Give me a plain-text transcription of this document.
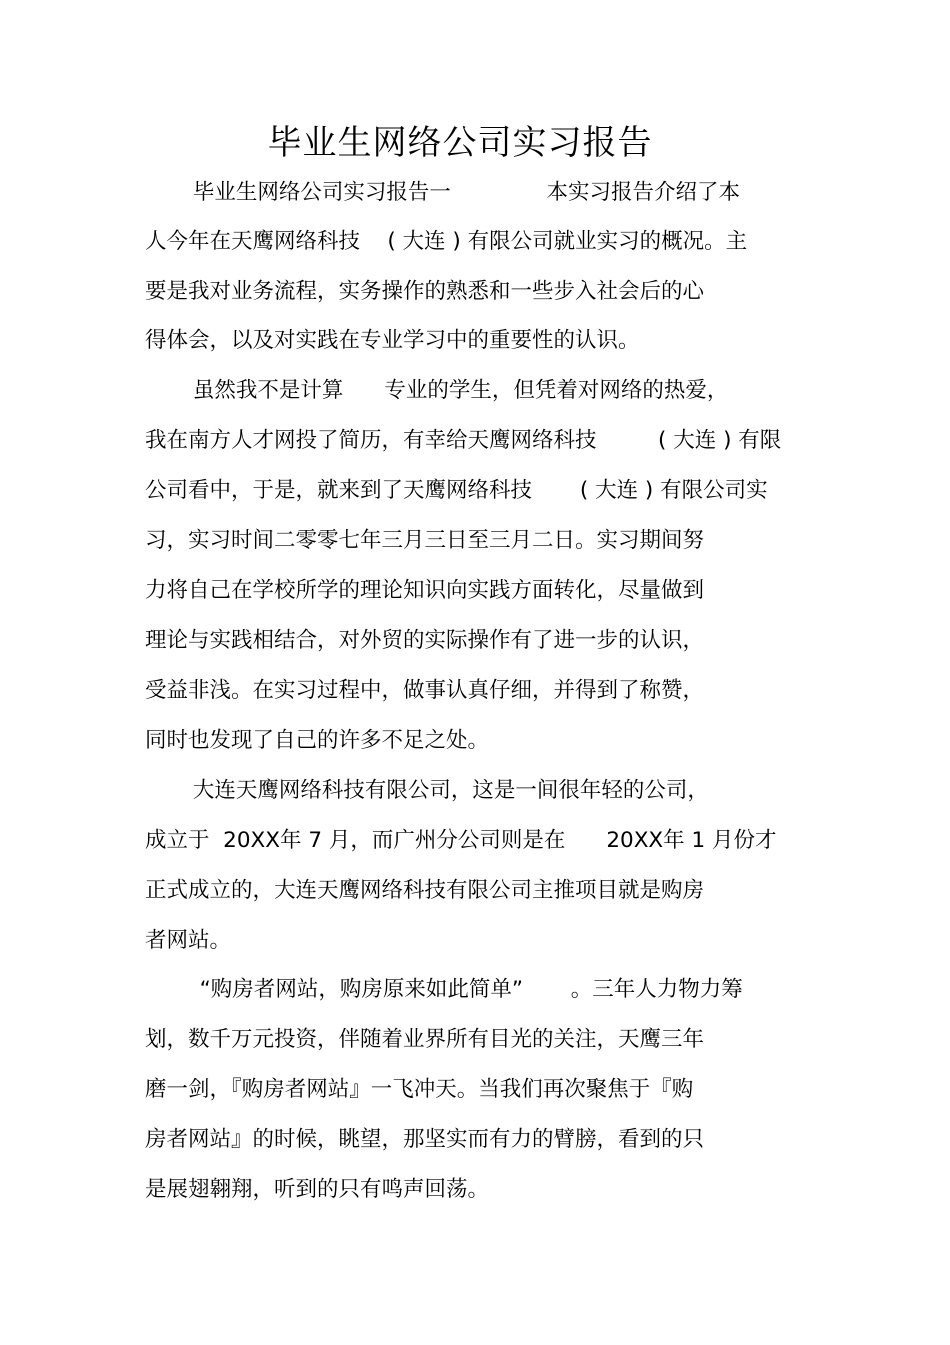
毕业生网络公司实习报告
毕业生网络公司实习报告一              本实习报告介绍了本
人今年在天鹰网络科技    ( 大连 ) 有限公司就业实习的概况。主
要是我对业务流程，实务操作的熟悉和一些步入社会后的心
得体会，以及对实践在专业学习中的重要性的认识。
虽然我不是计算      专业的学生，但凭着对网络的热爱，
我在南方人才网投了简历，有幸给天鹰网络科技         ( 大连 ) 有限
公司看中，于是，就来到了天鹰网络科技       ( 大连 ) 有限公司实
习，实习时间二零零七年三月三日至三月二日。实习期间努
力将自己在学校所学的理论知识向实践方面转化，尽量做到
理论与实践相结合，对外贸的实际操作有了进一步的认识，
受益非浅。在实习过程中，做事认真仔细，并得到了称赞，
同时也发现了自己的许多不足之处。
大连天鹰网络科技有限公司，这是一间很年轻的公司，
成立于  20XX年 7 月，而广州分公司则是在      20XX年 1 月份才
正式成立的，大连天鹰网络科技有限公司主推项目就是购房
者网站。
“购房者网站，购房原来如此简单”       。三年人力物力筹
划，数千万元投资，伴随着业界所有目光的关注，天鹰三年
磨一剑，『购房者网站』一飞冲天。当我们再次聚焦于『购
房者网站』的时候，眺望，那坚实而有力的臂膀，看到的只
是展翅翱翔，听到的只有鸣声回荡。
